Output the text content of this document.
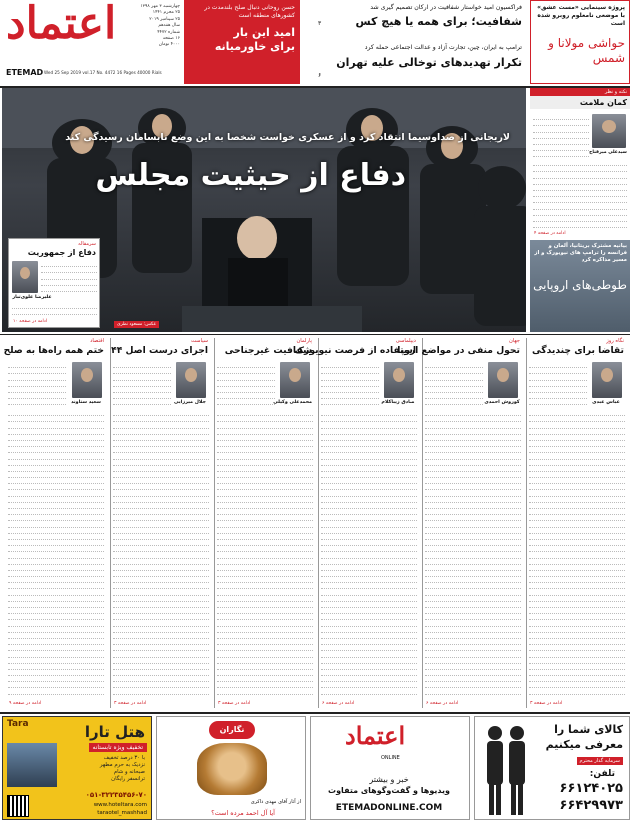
اعتماد
ETEMAD Wed 25 Sep 2019 vol.17 No. 4472 16 Pages 40000 Rials
چهارشنبه ۳ مهر ۱۳۹۸
۲۵ محرم ۱۴۴۱
۲۵ سپتامبر ۲۰۱۹
سال هفدهم
شماره ۴۴۷۲
۱۶ صفحه
۴۰۰۰ تومان
حسن روحانی دنبال صلح بلندمدت در کشورهای منطقه است
امید این بار
برای خاورمیانه
فراکسیون امید خواستار شفافیت در ارکان تصمیم گیری شد
شفافیت؛ برای همه یا هیچ کس
۳
ترامپ به ایران، چین، تجارت آزاد و عدالت اجتماعی حمله کرد
تکرار تهدیدهای توخالی علیه تهران
۶
پروژه سینمایی «مست عشق»
با موضعی نامعلوم روبرو شده است
حواشی مولانا و شمس
لاریجانی از صداوسیما انتقاد کرد و از عسکری خواست شخصا به این وضع نابسامان رسیدگی کند
دفاع از حیثیت مجلس
عکس: مسعود نظری
سرمقاله
دفاع از جمهوریت
علیرضا علوی‌تبار
ادامه در صفحه ۱۰
نکته و نظر
کمان ملامت
سیدعلی میرفتاح
ادامه در صفحه ۴
بیانیه مشترک بریتانیا، آلمان و فرانسه را ترامپ های نیویورک و از مسیر مذاکره کرد
طوطی‌های اروپایی
نگاه روز
تقاضا برای چندیدگی
عباس عبدی
ادامه در صفحه ۳
جهان
تحول منفی در مواضع اروپا
کوروش احمدی
ادامه در صفحه ۶
دیپلماسی
استفاده از فرصت نیویورک
صادق زیباکلام
ادامه در صفحه ۶
پارلمان
شفافیت غیرجناحی
محمدعلی وکیلی
ادامه در صفحه ۳
سیاست
اجرای درست اصل ۴۴
جلال میرزایی
ادامه در صفحه ۳
اقتصاد
ختم همه راه‌ها به صلح
سعید ستاوند
ادامه در صفحه ۹
Tara	هتل تارا
تخفیف ویژه تابستانه
با ۳۰ درصد تخفیف
نزدیک به حرم مطهر
صبحانه و شام
ترانسفر رایگان
۰۵۱-۳۲۲۳۵۴۵۶-۷۰
www.hoteltara.com
taraotel_mashhad
نگاران
از آثار آقای مهدی ذاکری
آیا آل احمد مرده است؟
اعتماد
ONLINE
خبر و بیشتر
ویدیوها و گفت‌وگوهای متفاوت
ETEMADONLINE.COM
کالای شما را
معرفی میکنیم
سرمایه گذار محترم
تلفن:
۶۶۱۲۴۰۲۵
۶۶۴۲۹۹۷۳
